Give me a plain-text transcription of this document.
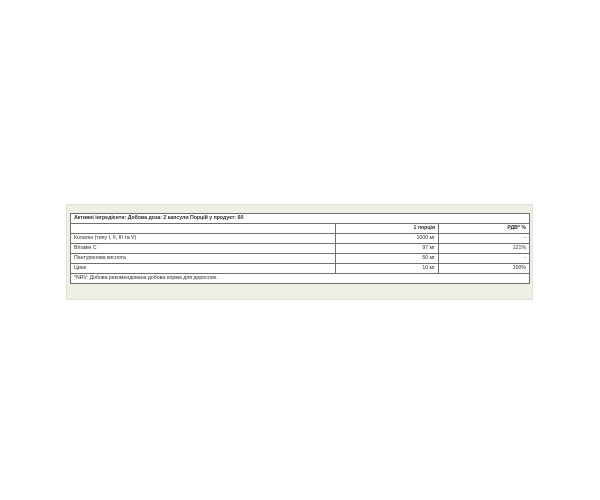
Активні інгредієнти: Добова доза: 2 капсули Порцій у продукт: 60		
	1 порція	РДВ* %
Колаген (типу I, II, III та V)	1000 мг	-
Вітамін С	97 мг	121%
Пантуронова кислота	50 мг	-
Цинк	10 мг	100%
*NRV: Добова рекомендована добова норма для дорослих.		
